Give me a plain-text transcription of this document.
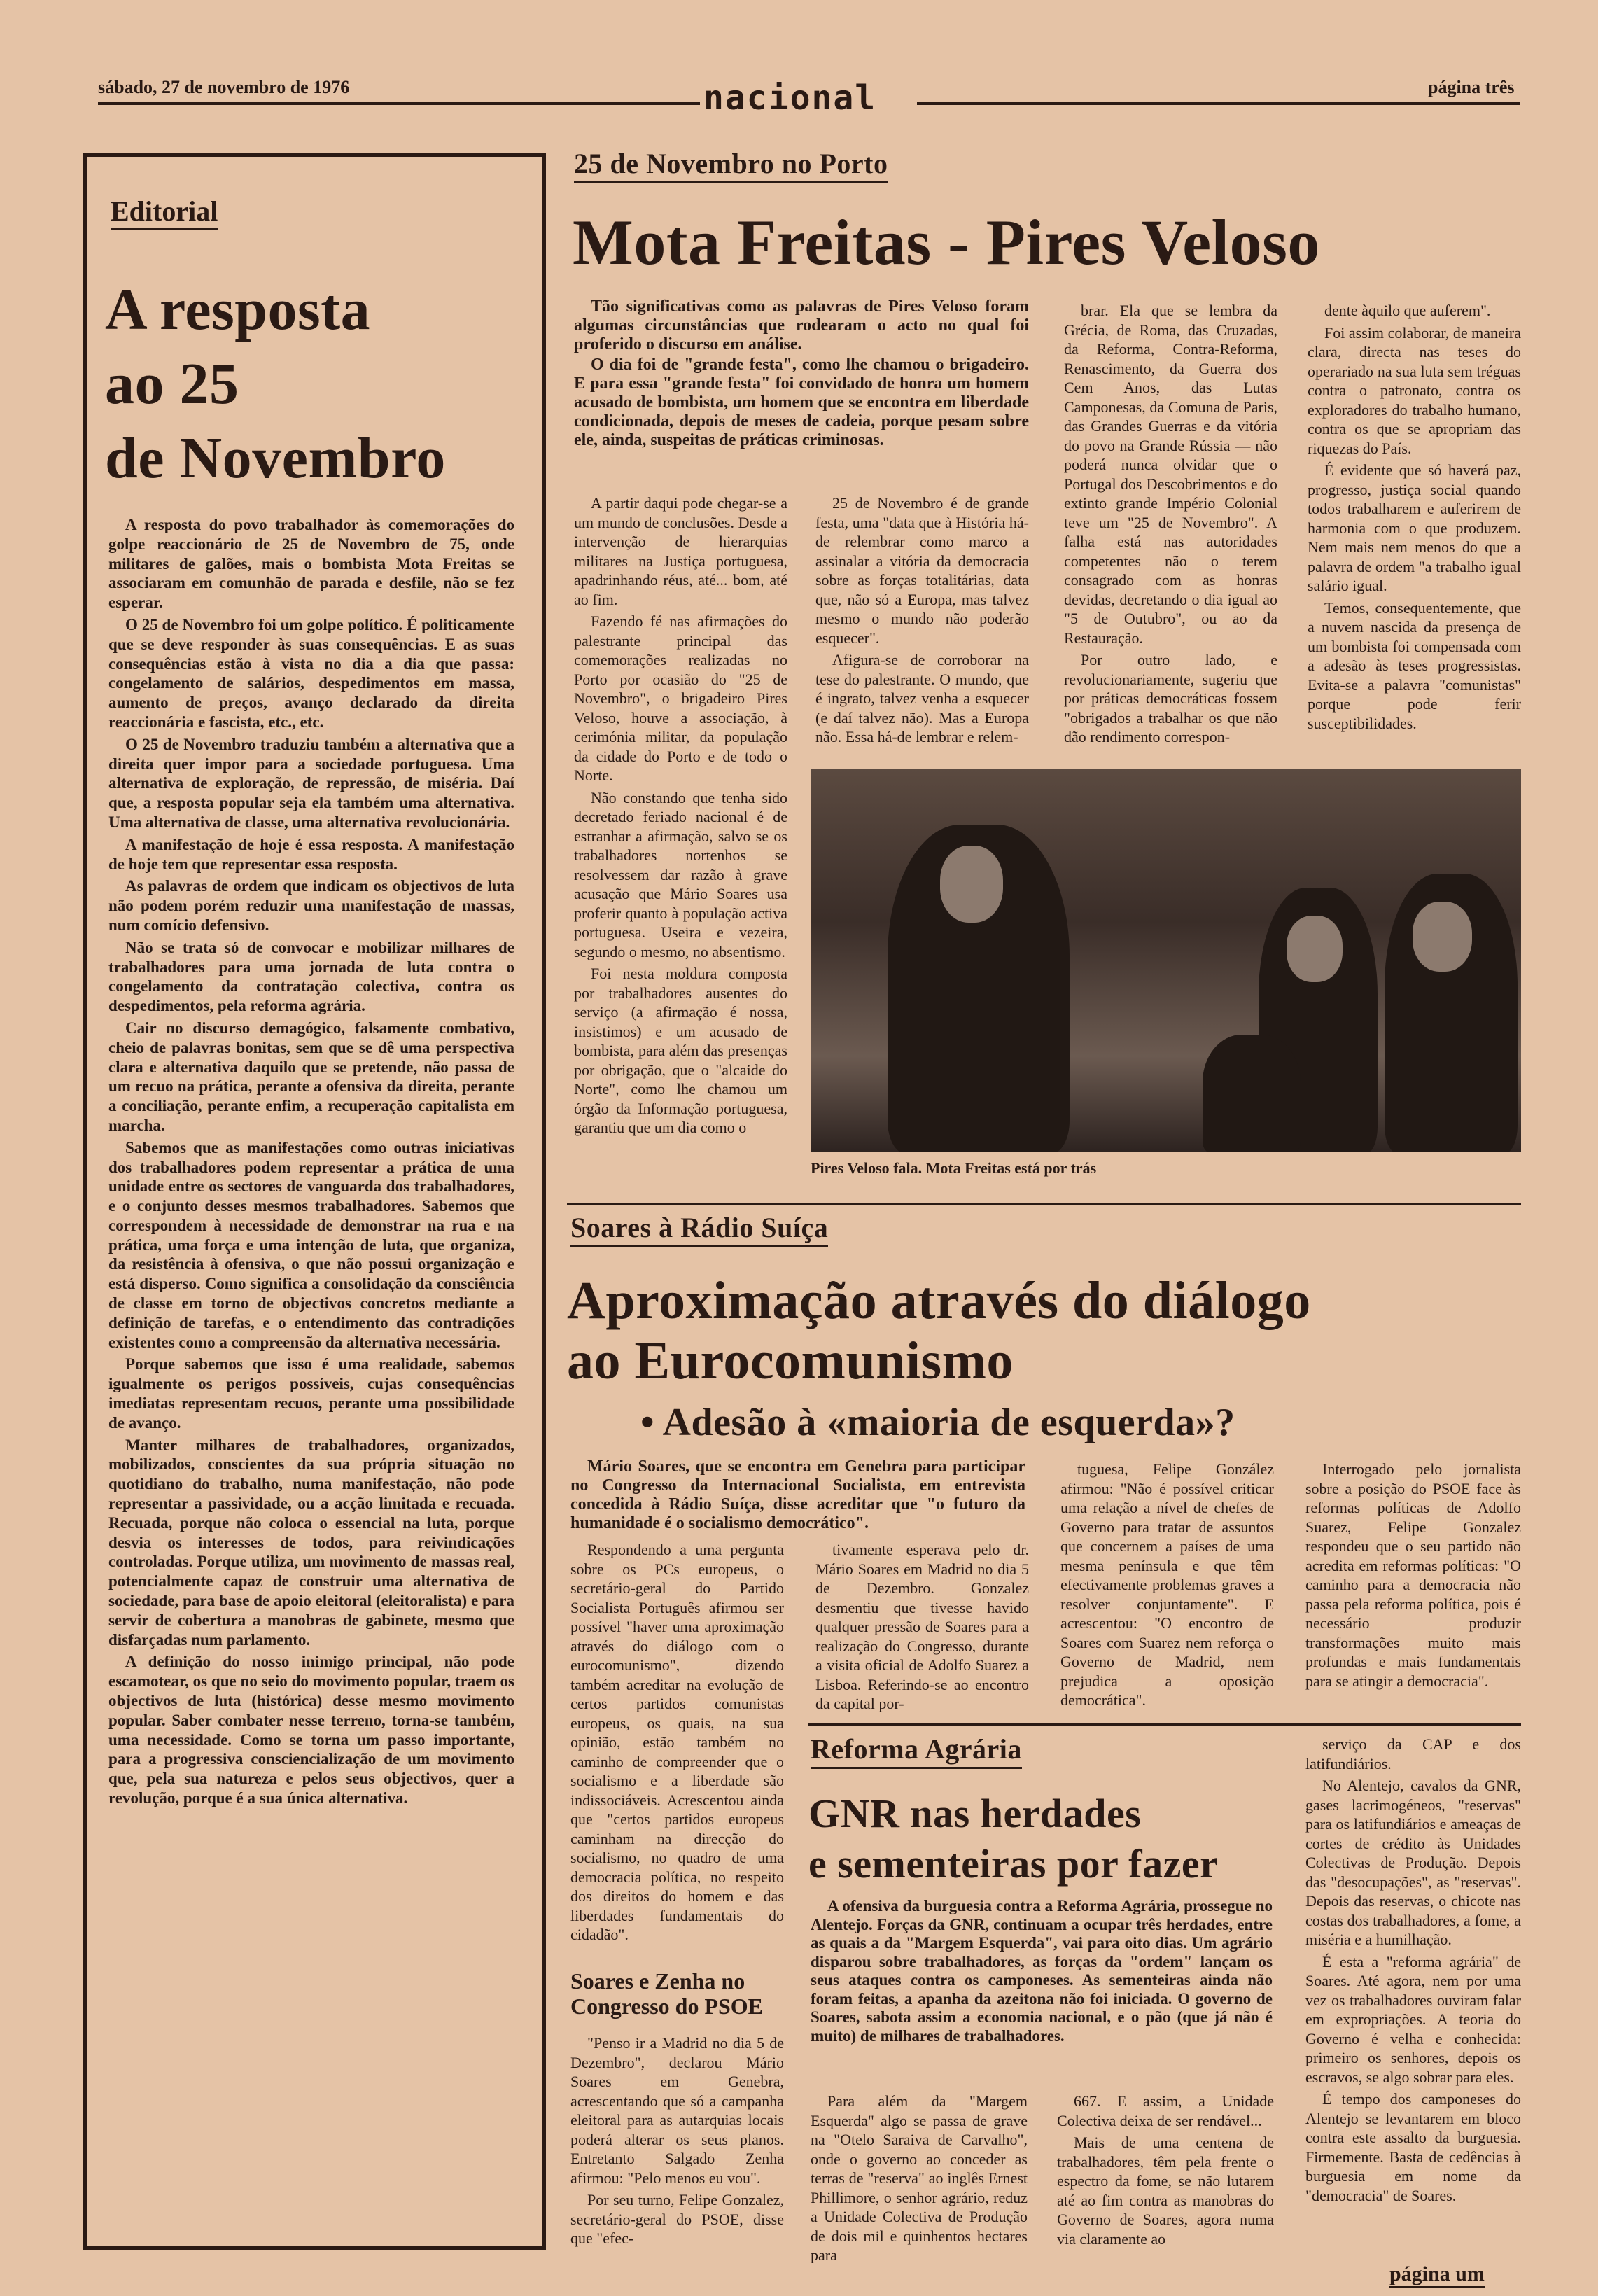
sábado, 27 de novembro de 1976	nacional	página três
Editorial
A resposta
ao 25
de Novembro

A resposta do povo trabalhador às comemorações do golpe reaccionário de 25 de Novembro de 75, onde militares de galões, mais o bombista Mota Freitas se associaram em comunhão de parada e desfile, não se fez esperar.

O 25 de Novembro foi um golpe político. É politicamente que se deve responder às suas consequências. E as suas consequências estão à vista no dia a dia que passa: congelamento de salários, despedimentos em massa, aumento de preços, avanço declarado da direita reaccionária e fascista, etc., etc.

O 25 de Novembro traduziu também a alternativa que a direita quer impor para a sociedade portuguesa. Uma alternativa de exploração, de repressão, de miséria. Daí que, a resposta popular seja ela também uma alternativa. Uma alternativa de classe, uma alternativa revolucionária.

A manifestação de hoje é essa resposta. A manifestação de hoje tem que representar essa resposta.

As palavras de ordem que indicam os objectivos de luta não podem porém reduzir uma manifestação de massas, num comício defensivo.

Não se trata só de convocar e mobilizar milhares de trabalhadores para uma jornada de luta contra o congelamento da contratação colectiva, contra os despedimentos, pela reforma agrária.

Cair no discurso demagógico, falsamente combativo, cheio de palavras bonitas, sem que se dê uma perspectiva clara e alternativa daquilo que se pretende, não passa de um recuo na prática, perante a ofensiva da direita, perante a conciliação, perante enfim, a recuperação capitalista em marcha.

Sabemos que as manifestações como outras iniciativas dos trabalhadores podem representar a prática de uma unidade entre os sectores de vanguarda dos trabalhadores, e o conjunto desses mesmos trabalhadores. Sabemos que correspondem à necessidade de demonstrar na rua e na prática, uma força e uma intenção de luta, que organiza, da resistência à ofensiva, o que não possui organização e está disperso. Como significa a consolidação da consciência de classe em torno de objectivos concretos mediante a definição de tarefas, e o entendimento das contradições existentes como a compreensão da alternativa necessária.

Porque sabemos que isso é uma realidade, sabemos igualmente os perigos possíveis, cujas consequências imediatas representam recuos, perante uma possibilidade de avanço.

Manter milhares de trabalhadores, organizados, mobilizados, conscientes da sua própria situação no quotidiano do trabalho, numa manifestação, não pode representar a passividade, ou a acção limitada e recuada. Recuada, porque não coloca o essencial na luta, porque desvia os interesses de todos, para reivindicações controladas. Porque utiliza, um movimento de massas real, potencialmente capaz de construir uma alternativa de sociedade, para base de apoio eleitoral (eleitoralista) e para servir de cobertura a manobras de gabinete, mesmo que disfarçadas num parlamento.

A definição do nosso inimigo principal, não pode escamotear, os que no seio do movimento popular, traem os objectivos de luta (histórica) desse mesmo movimento popular. Saber combater nesse terreno, torna-se também, uma necessidade. Como se torna um passo importante, para a progressiva consciencialização de um movimento que, pela sua natureza e pelos seus objectivos, quer a revolução, porque é a sua única alternativa.

25 de Novembro no Porto
Mota Freitas - Pires Veloso

Tão significativas como as palavras de Pires Veloso foram algumas circunstâncias que rodearam o acto no qual foi proferido o discurso em análise.

O dia foi de "grande festa", como lhe chamou o brigadeiro. E para essa "grande festa" foi convidado de honra um homem acusado de bombista, um homem que se encontra em liberdade condicionada, depois de meses de cadeia, porque pesam sobre ele, ainda, suspeitas de práticas criminosas.

A partir daqui pode chegar-se a um mundo de conclusões. Desde a intervenção de hierarquias militares na Justiça portuguesa, apadrinhando réus, até... bom, até ao fim.

Fazendo fé nas afirmações do palestrante principal das comemorações realizadas no Porto por ocasião do "25 de Novembro", o brigadeiro Pires Veloso, houve a associação, à cerimónia militar, da população da cidade do Porto e de todo o Norte.

Não constando que tenha sido decretado feriado nacional é de estranhar a afirmação, salvo se os trabalhadores nortenhos se resolvessem dar razão à grave acusação que Mário Soares usa proferir quanto à população activa portuguesa. Useira e vezeira, segundo o mesmo, no absentismo.

Foi nesta moldura composta por trabalhadores ausentes do serviço (a afirmação é nossa, insistimos) e um acusado de bombista, para além das presenças por obrigação, que o "alcaide do Norte", como lhe chamou um órgão da Informação portuguesa, garantiu que um dia como o

25 de Novembro é de grande festa, uma "data que à História há-de relembrar como marco a assinalar a vitória da democracia sobre as forças totalitárias, data que, não só a Europa, mas talvez mesmo o mundo não poderão esquecer".

Afigura-se de corroborar na tese do palestrante. O mundo, que é ingrato, talvez venha a esquecer (e daí talvez não). Mas a Europa não. Essa há-de lembrar e relem-

brar. Ela que se lembra da Grécia, de Roma, das Cruzadas, da Reforma, Contra-Reforma, Renascimento, da Guerra dos Cem Anos, das Lutas Camponesas, da Comuna de Paris, das Grandes Guerras e da vitória do povo na Grande Rússia — não poderá nunca olvidar que o Portugal dos Descobrimentos e do extinto grande Império Colonial teve um "25 de Novembro". A falha está nas autoridades competentes não o terem consagrado com as honras devidas, decretando o dia igual ao "5 de Outubro", ou ao da Restauração.

Por outro lado, e revolucionariamente, sugeriu que por práticas democráticas fossem "obrigados a trabalhar os que não dão rendimento correspon-

dente àquilo que auferem".

Foi assim colaborar, de maneira clara, directa nas teses do operariado na sua luta sem tréguas contra o patronato, contra os exploradores do trabalho humano, contra os que se apropriam das riquezas do País.

É evidente que só haverá paz, progresso, justiça social quando todos trabalharem e auferirem de harmonia com o que produzem. Nem mais nem menos do que a palavra de ordem "a trabalho igual salário igual.

Temos, consequentemente, que a nuvem nascida da presença de um bombista foi compensada com a adesão às teses progressistas. Evita-se a palavra "comunistas" porque pode ferir susceptibilidades.

Pires Veloso fala. Mota Freitas está por trás
Soares à Rádio Suíça
Aproximação através do diálogo
ao Eurocomunismo
• Adesão à «maioria de esquerda»?

Mário Soares, que se encontra em Genebra para participar no Congresso da Internacional Socialista, em entrevista concedida à Rádio Suíça, disse acreditar que "o futuro da humanidade é o socialismo democrático".

Respondendo a uma pergunta sobre os PCs europeus, o secretário-geral do Partido Socialista Português afirmou ser possível "haver uma aproximação através do diálogo com o eurocomunismo", dizendo também acreditar na evolução de certos partidos comunistas europeus, os quais, na sua opinião, estão também no caminho de compreender que o socialismo e a liberdade são indissociáveis. Acrescentou ainda que "certos partidos europeus caminham na direcção do socialismo, no quadro de uma democracia política, no respeito dos direitos do homem e das liberdades fundamentais do cidadão".

Soares e Zenha no
Congresso do PSOE

"Penso ir a Madrid no dia 5 de Dezembro", declarou Mário Soares em Genebra, acrescentando que só a campanha eleitoral para as autarquias locais poderá alterar os seus planos. Entretanto Salgado Zenha afirmou: "Pelo menos eu vou".

Por seu turno, Felipe Gonzalez, secretário-geral do PSOE, disse que "efec-

tivamente esperava pelo dr. Mário Soares em Madrid no dia 5 de Dezembro. Gonzalez desmentiu que tivesse havido qualquer pressão de Soares para a realização do Congresso, durante a visita oficial de Adolfo Suarez a Lisboa. Referindo-se ao encontro da capital por-

tuguesa, Felipe González afirmou: "Não é possível criticar uma relação a nível de chefes de Governo para tratar de assuntos que concernem a países de uma mesma península e que têm efectivamente problemas graves a resolver conjuntamente". E acrescentou: "O encontro de Soares com Suarez nem reforça o Governo de Madrid, nem prejudica a oposição democrática".

Interrogado pelo jornalista sobre a posição do PSOE face às reformas políticas de Adolfo Suarez, Felipe Gonzalez respondeu que o seu partido não acredita em reformas políticas: "O caminho para a democracia não passa pela reforma política, pois é necessário produzir transformações muito mais profundas e mais fundamentais para se atingir a democracia".

Reforma Agrária
GNR nas herdades
e sementeiras por fazer

A ofensiva da burguesia contra a Reforma Agrária, prossegue no Alentejo. Forças da GNR, continuam a ocupar três herdades, entre as quais a da "Margem Esquerda", vai para oito dias. Um agrário disparou sobre trabalhadores, as forças da "ordem" lançam os seus ataques contra os camponeses. As sementeiras ainda não foram feitas, a apanha da azeitona não foi iniciada. O governo de Soares, sabota assim a economia nacional, e o pão (que já não é muito) de milhares de trabalhadores.

Para além da "Margem Esquerda" algo se passa de grave na "Otelo Saraiva de Carvalho", onde o governo ao conceder as terras de "reserva" ao inglês Ernest Phillimore, o senhor agrário, reduz a Unidade Colectiva de Produção de dois mil e quinhentos hectares para

667. E assim, a Unidade Colectiva deixa de ser rendável...

Mais de uma centena de trabalhadores, têm pela frente o espectro da fome, se não lutarem até ao fim contra as manobras do Governo de Soares, agora numa via claramente ao

serviço da CAP e dos latifundiários.

No Alentejo, cavalos da GNR, gases lacrimogéneos, "reservas" para os latifundiários e ameaças de cortes de crédito às Unidades Colectivas de Produção. Depois das "desocupações", as "reservas". Depois das reservas, o chicote nas costas dos trabalhadores, a fome, a miséria e a humilhação.

É esta a "reforma agrária" de Soares. Até agora, nem por uma vez os trabalhadores ouviram falar em expropriações. A teoria do Governo é velha e conhecida: primeiro os senhores, depois os escravos, se algo sobrar para eles.

É tempo dos camponeses do Alentejo se levantarem em bloco contra este assalto da burguesia. Firmemente. Basta de cedências à burguesia em nome da "democracia" de Soares.

página um
